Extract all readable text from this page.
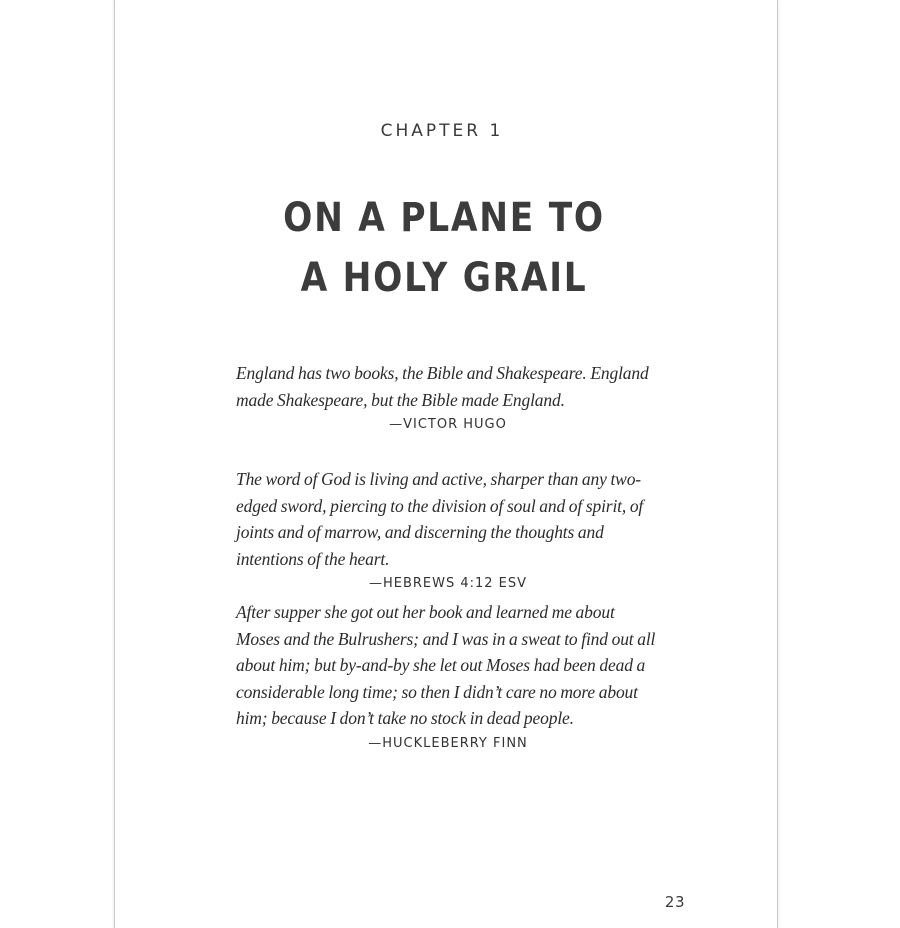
CHAPTER 1
ON A PLANE TO
A HOLY GRAIL

England has two books, the Bible and Shakespeare. England made Shakespeare, but the Bible made England.

—VICTOR HUGO

The word of God is living and active, sharper than any two-edged sword, piercing to the division of soul and of spirit, of joints and of marrow, and discerning the thoughts and intentions of the heart.

—HEBREWS 4:12 ESV

After supper she got out her book and learned me about Moses and the Bulrushers; and I was in a sweat to find out all about him; but by-and-by she let out Moses had been dead a considerable long time; so then I didn’t care no more about him; because I don’t take no stock in dead people.

—HUCKLEBERRY FINN

23
